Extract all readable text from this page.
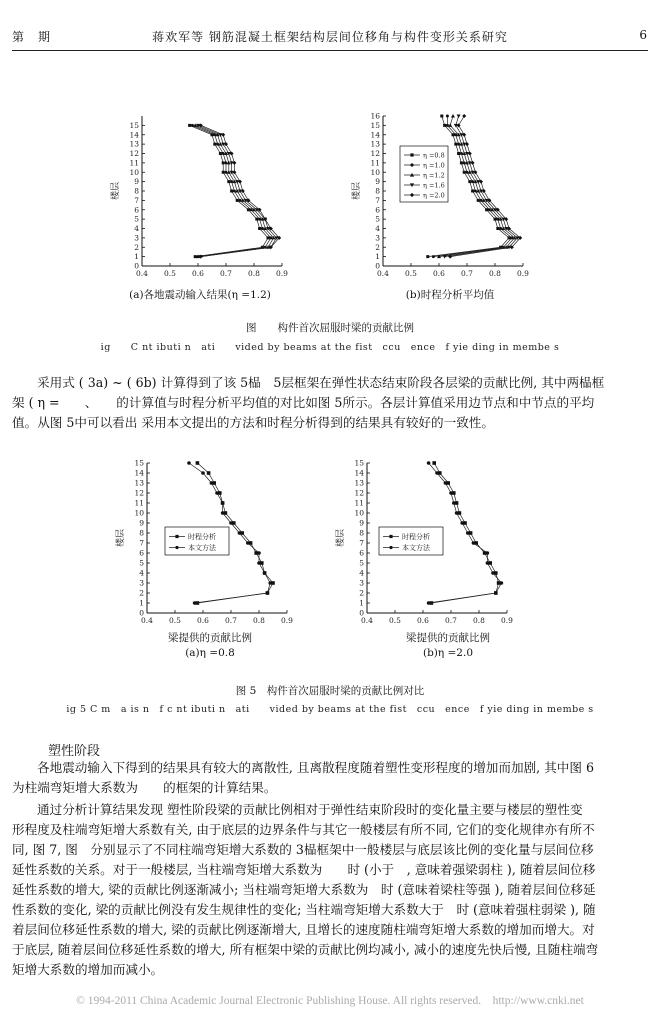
第　期	蒋欢军等 钢筋混凝土框架结构层间位移角与构件变形关系研究	6
0.4 0.5 0.6 0.7 0.8 0.9
0
1
2
3
4
5
6
7
8
9
10
11
12
13
14
15
楼层
0.4 0.5 0.6 0.7 0.8 0.9
0
1
2
3
4
5
6
7
8
9
10
11
12
13
14
15
16
楼层
η =0.8
η =1.0
η =1.2
η =1.6
η =2.0
(a)各地震动输入结果(η =1.2)	(b)时程分析平均值
图　　构件首次屈服时梁的贡献比例
ig　　C nt ibuti n　ati　　vided by beams at the fist　ccu　ence　f yie ding in membe s
采用式 ( 3a) ~ ( 6b) 计算得到了该 5榀　5层框架在弹性状态结束阶段各层梁的贡献比例, 其中两榀框
架 ( η =　　、　　的计算值与时程分析平均值的对比如图 5所示。各层计算值采用边节点和中节点的平均
值。从图 5中可以看出 采用本文提出的方法和时程分析得到的结果具有较好的一致性。
0.4 0.5 0.6 0.7 0.8 0.9
0
1
2
3
4
5
6
7
8
9
10
11
12
13
14
15
楼层	时程分析
本文方法
0.4 0.5 0.6 0.7 0.8 0.9
0
1
2
3
4
5
6
7
8
9
10
11
12
13
14
15
楼层	时程分析
本文方法
梁提供的贡献比例	梁提供的贡献比例
(a)η =0.8	(b)η =2.0
图 5　构件首次屈服时梁的贡献比例对比
ig 5 C m　a is n　f c nt ibuti n　ati　　vided by beams at the fist　ccu　ence　f yie ding in membe s
塑性阶段
各地震动输入下得到的结果具有较大的离散性, 且离散程度随着塑性变形程度的增加而加剧, 其中图 6
为柱端弯矩增大系数为　　的框架的计算结果。
通过分析计算结果发现 塑性阶段梁的贡献比例相对于弹性结束阶段时的变化量主要与楼层的塑性变
形程度及柱端弯矩增大系数有关, 由于底层的边界条件与其它一般楼层有所不同, 它们的变化规律亦有所不
同, 图 7, 图　分别显示了不同柱端弯矩增大系数的 3榀框架中一般楼层与底层该比例的变化量与层间位移
延性系数的关系。对于一般楼层, 当柱端弯矩增大系数为　　时 (小于　, 意味着强梁弱柱 ), 随着层间位移
延性系数的增大, 梁的贡献比例逐渐减小; 当柱端弯矩增大系数为　时 (意味着梁柱等强 ), 随着层间位移延
性系数的变化, 梁的贡献比例没有发生规律性的变化; 当柱端弯矩增大系数大于　时 (意味着强柱弱梁 ), 随
着层间位移延性系数的增大, 梁的贡献比例逐渐增大, 且增长的速度随柱端弯矩增大系数的增加而增大。对
于底层, 随着层间位移延性系数的增大, 所有框架中梁的贡献比例均减小, 减小的速度先快后慢, 且随柱端弯
矩增大系数的增加而减小。
© 1994-2011 China Academic Journal Electronic Publishing House. All rights reserved.　http://www.cnki.net
